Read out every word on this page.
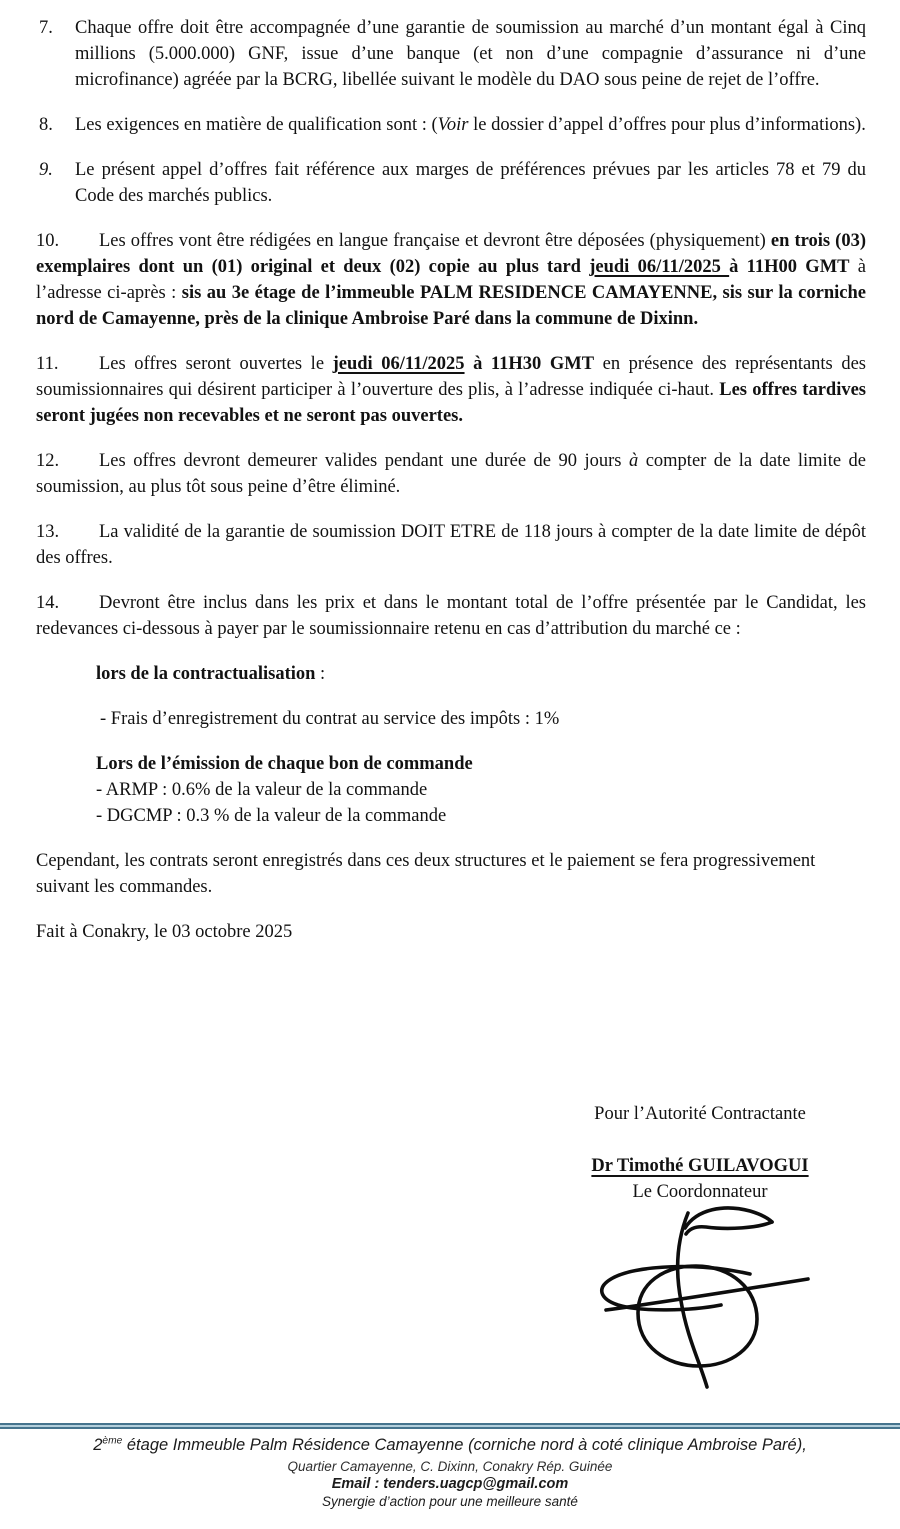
7. Chaque offre doit être accompagnée d’une garantie de soumission au marché d’un montant égal à Cinq millions (5.000.000) GNF, issue d’une banque (et non d’une compagnie d’assurance ni d’une microfinance) agréée par la BCRG, libellée suivant le modèle du DAO sous peine de rejet de l’offre.
8. Les exigences en matière de qualification sont : (Voir le dossier d’appel d’offres pour plus d’informations).
9. Le présent appel d’offres fait référence aux marges de préférences prévues par les articles 78 et 79 du Code des marchés publics.
10. Les offres vont être rédigées en langue française et devront être déposées (physiquement) en trois (03) exemplaires dont un (01) original et deux (02) copie au plus tard jeudi 06/11/2025 à 11H00 GMT à l’adresse ci-après : sis au 3e étage de l’immeuble PALM RESIDENCE CAMAYENNE, sis sur la corniche nord de Camayenne, près de la clinique Ambroise Paré dans la commune de Dixinn.
11. Les offres seront ouvertes le jeudi 06/11/2025 à 11H30 GMT en présence des représentants des soumissionnaires qui désirent participer à l’ouverture des plis, à l’adresse indiquée ci-haut. Les offres tardives seront jugées non recevables et ne seront pas ouvertes.
12. Les offres devront demeurer valides pendant une durée de 90 jours à compter de la date limite de soumission, au plus tôt sous peine d’être éliminé.
13. La validité de la garantie de soumission DOIT ETRE de 118 jours à compter de la date limite de dépôt des offres.
14. Devront être inclus dans les prix et dans le montant total de l’offre présentée par le Candidat, les redevances ci-dessous à payer par le soumissionnaire retenu en cas d’attribution du marché ce :
lors de la contractualisation :
- Frais d’enregistrement du contrat au service des impôts : 1%
Lors de l’émission de chaque bon de commande
- ARMP : 0.6% de la valeur de la commande
- DGCMP : 0.3 % de la valeur de la commande
Cependant, les contrats seront enregistrés dans ces deux structures et le paiement se fera progressivement suivant les commandes.
Fait à Conakry, le 03 octobre 2025
Pour l’Autorité Contractante
Dr Timothé GUILAVOGUI
Le Coordonnateur
2ème étage Immeuble Palm Résidence Camayenne (corniche nord à coté clinique Ambroise Paré),
Quartier Camayenne, C. Dixinn, Conakry Rép. Guinée
Email : tenders.uagcp@gmail.com
Synergie d’action pour une meilleure santé
